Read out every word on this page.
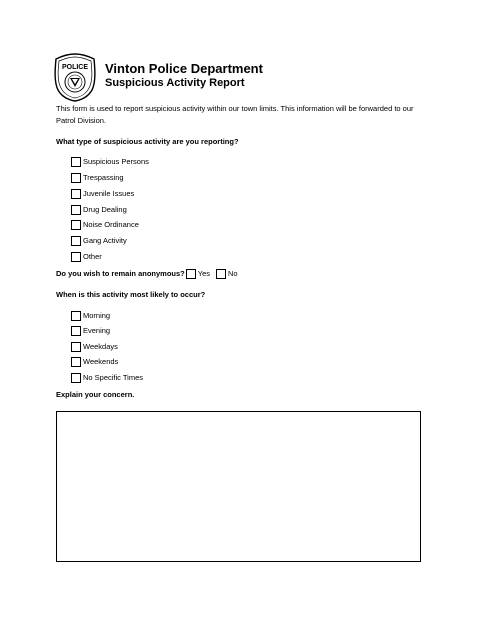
POLICE Vinton Police Department
Suspicious Activity Report
This form is used to report suspicious activity within our town limits. This information will be forwarded to our Patrol Division.
What type of suspicious activity are you reporting?
Suspicious Persons
Trespassing
Juvenile Issues
Drug Dealing
Noise Ordinance
Gang Activity
Other
Do you wish to remain anonymous? Yes No
When is this activity most likely to occur?
Morning
Evening
Weekdays
Weekends
No Specific Times
Explain your concern.
